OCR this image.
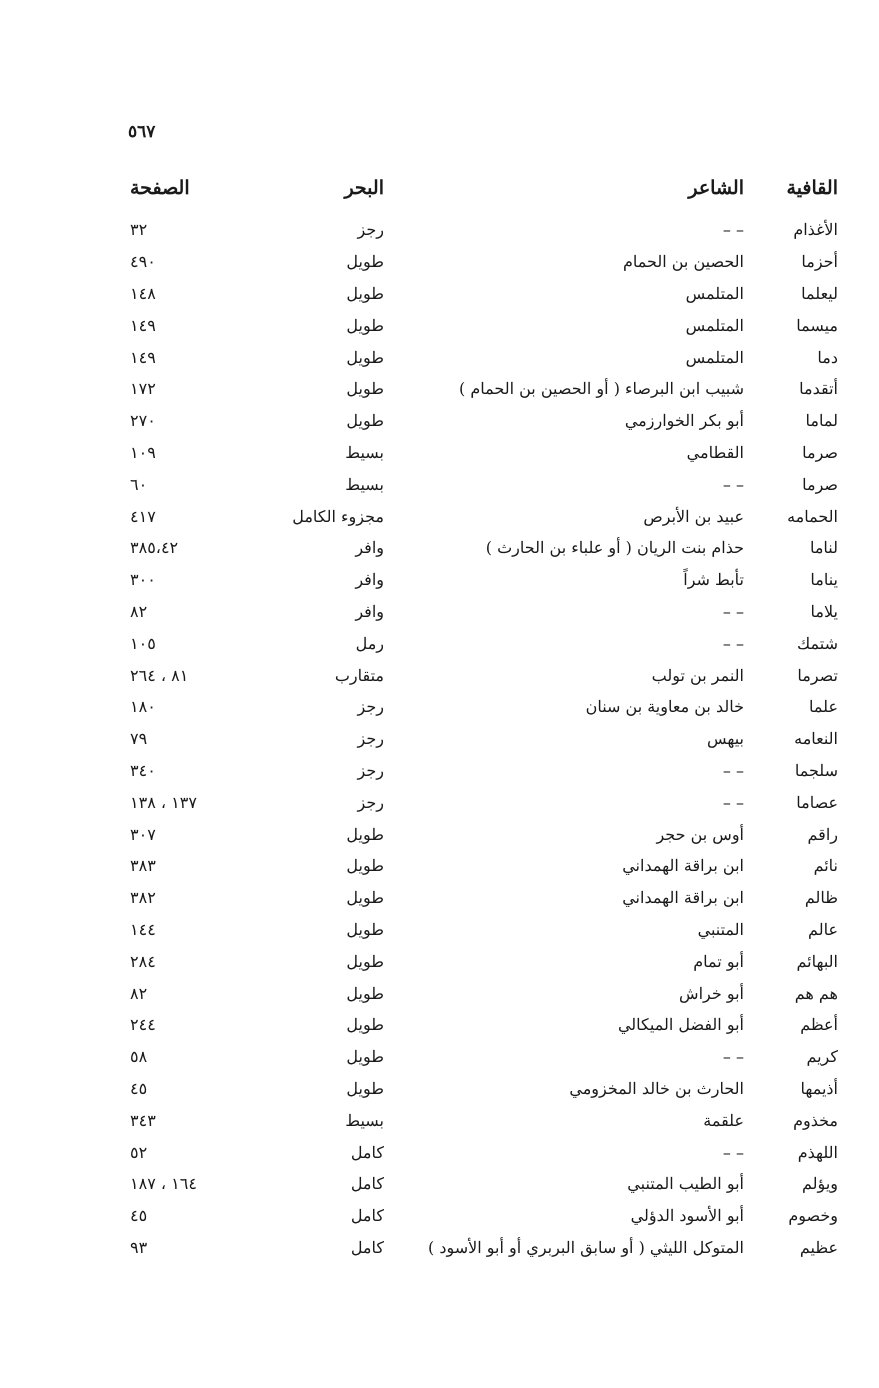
٥٦٧
القافية	الشاعر	البحر	الصفحة
الأغذام	– –	رجز	٣٢
أحزما	الحصين بن الحمام	طويل	٤٩٠
ليعلما	المتلمس	طويل	١٤٨
ميسما	المتلمس	طويل	١٤٩
دما	المتلمس	طويل	١٤٩
أتقدما	شبيب ابن البرصاء ( أو الحصين بن الحمام )	طويل	١٧٢
لماما	أبو بكر الخوارزمي	طويل	٢٧٠
صرما	القطامي	بسيط	١٠٩
صرما	– –	بسيط	٦٠
الحمامه	عبيد بن الأبرص	مجزوء الكامل	٤١٧
لناما	حذام بنت الريان ( أو علباء بن الحارث )	وافر	٣٨٥،٤٢
يناما	تأبط شراً	وافر	٣٠٠
يلاما	– –	وافر	٨٢
شتمك	– –	رمل	١٠٥
تصرما	النمر بن تولب	متقارب	٨١ ، ٢٦٤
علما	خالد بن معاوية بن سنان	رجز	١٨٠
النعامه	بيهس	رجز	٧٩
سلجما	– –	رجز	٣٤٠
عصاما	– –	رجز	١٣٧ ، ١٣٨
راقم	أوس بن حجر	طويل	٣٠٧
نائم	ابن براقة الهمداني	طويل	٣٨٣
ظالم	ابن براقة الهمداني	طويل	٣٨٢
عالم	المتنبي	طويل	١٤٤
البهائم	أبو تمام	طويل	٢٨٤
هم هم	أبو خراش	طويل	٨٢
أعظم	أبو الفضل الميكالي	طويل	٢٤٤
كريم	– –	طويل	٥٨
أذيمها	الحارث بن خالد المخزومي	طويل	٤٥
مخذوم	علقمة	بسيط	٣٤٣
اللهذم	– –	كامل	٥٢
ويؤلم	أبو الطيب المتنبي	كامل	١٦٤ ، ١٨٧
وخصوم	أبو الأسود الدؤلي	كامل	٤٥
عظيم	المتوكل الليثي ( أو سابق البربري أو أبو الأسود )	كامل	٩٣
